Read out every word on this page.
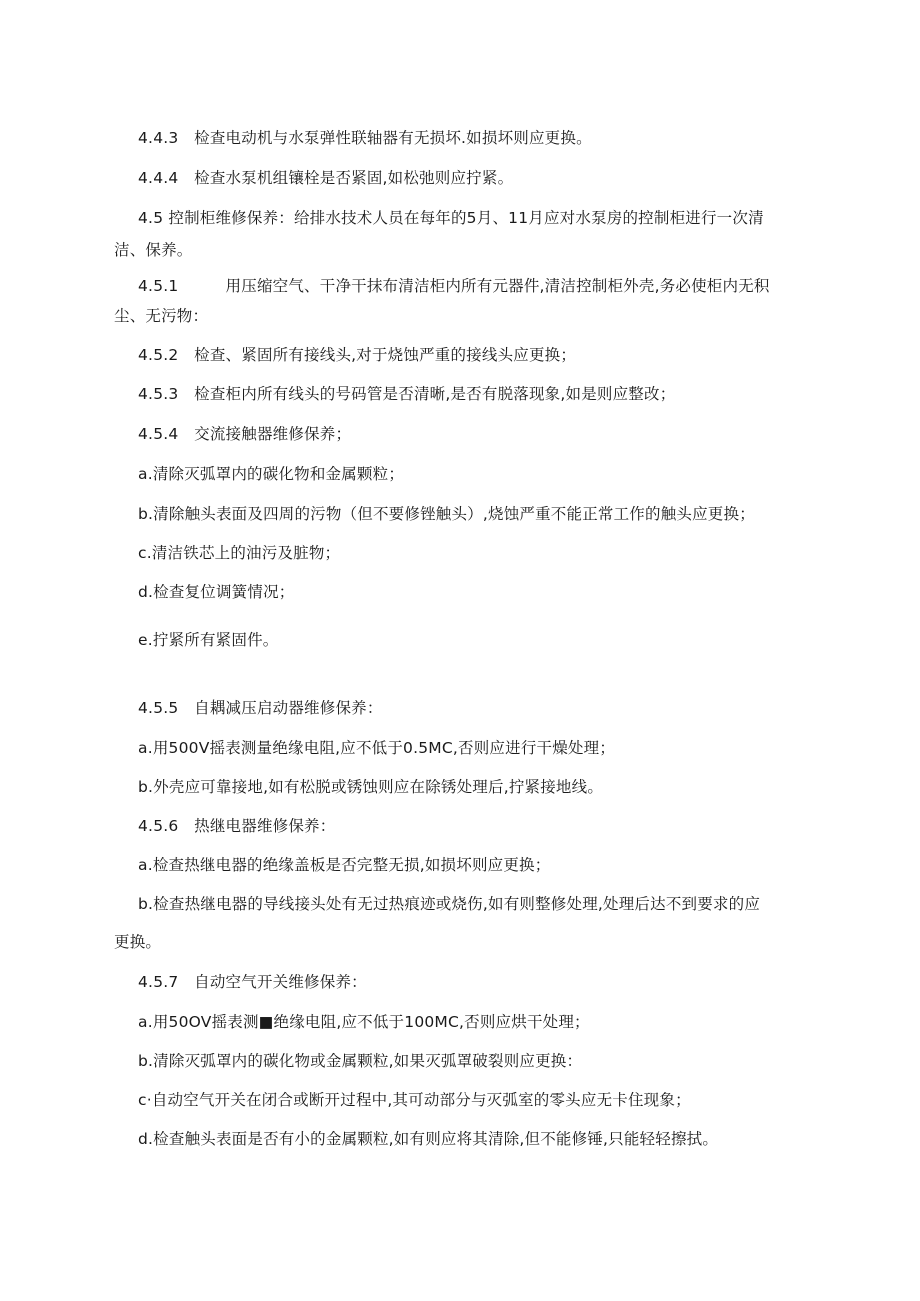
4.4.3　检查电动机与水泵弹性联轴器有无损坏.如损坏则应更换。
4.4.4　检查水泵机组镶栓是否紧固,如松弛则应拧紧。
4.5 控制柜维修保养：给排水技术人员在每年的5月、11月应对水泵房的控制柜进行一次清
洁、保养。
4.5.1　　　用压缩空气、干净干抹布清洁柜内所有元器件,清洁控制柜外壳,务必使柜内无积
尘、无污物：
4.5.2　检查、紧固所有接线头,对于烧蚀严重的接线头应更换；
4.5.3　检查柜内所有线头的号码管是否清晰,是否有脱落现象,如是则应整改；
4.5.4　交流接触器维修保养；
a.清除灭弧罩内的碳化物和金属颗粒；
b.清除触头表面及四周的污物（但不要修锉触头）,烧蚀严重不能正常工作的触头应更换；
c.清洁铁芯上的油污及脏物；
d.检查复位调簧情况；
e.拧紧所有紧固件。
4.5.5　自耦减压启动器维修保养：
a.用500V摇表测量绝缘电阻,应不低于0.5MC,否则应进行干燥处理；
b.外壳应可靠接地,如有松脱或锈蚀则应在除锈处理后,拧紧接地线。
4.5.6　热继电器维修保养：
a.检查热继电器的绝缘盖板是否完整无损,如损坏则应更换；
b.检查热继电器的导线接头处有无过热痕迹或烧伤,如有则整修处理,处理后达不到要求的应
更换。
4.5.7　自动空气开关维修保养：
a.用50OV摇表测■绝缘电阻,应不低于100MC,否则应烘干处理；
b.清除灭弧罩内的碳化物或金属颗粒,如果灭弧罩破裂则应更换：
c·自动空气开关在闭合或断开过程中,其可动部分与灭弧室的零头应无卡住现象；
d.检查触头表面是否有小的金属颗粒,如有则应将其清除,但不能修锤,只能轻轻擦拭。
